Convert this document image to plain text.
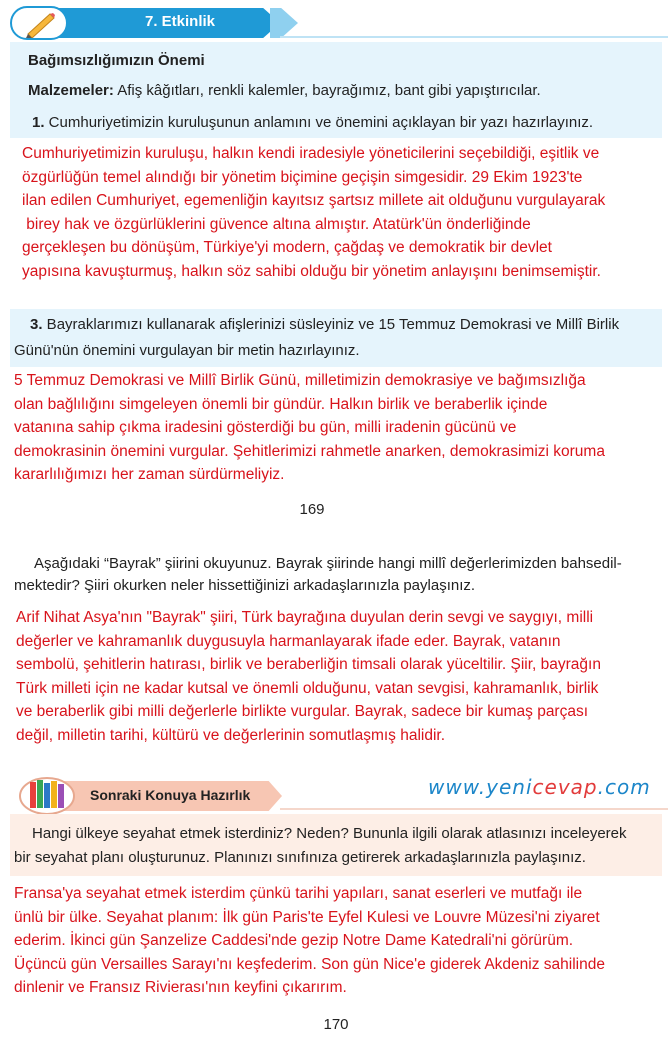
7. Etkinlik
Bağımsızlığımızın Önemi
Malzemeler: Afiş kâğıtları, renkli kalemler, bayrağımız, bant gibi yapıştırıcılar.
1. Cumhuriyetimizin kuruluşunun anlamını ve önemini açıklayan bir yazı hazırlayınız.
Cumhuriyetimizin kuruluşu, halkın kendi iradesiyle yöneticilerini seçebildiği, eşitlik ve
özgürlüğün temel alındığı bir yönetim biçimine geçişin simgesidir. 29 Ekim 1923'te
ilan edilen Cumhuriyet, egemenliğin kayıtsız şartsız millete ait olduğunu vurgulayarak
birey hak ve özgürlüklerini güvence altına almıştır. Atatürk'ün önderliğinde
gerçekleşen bu dönüşüm, Türkiye'yi modern, çağdaş ve demokratik bir devlet
yapısına kavuşturmuş, halkın söz sahibi olduğu bir yönetim anlayışını benimsemiştir.
3. Bayraklarımızı kullanarak afişlerinizi süsleyiniz ve 15 Temmuz Demokrasi ve Millî Birlik
Günü'nün önemini vurgulayan bir metin hazırlayınız.
5 Temmuz Demokrasi ve Millî Birlik Günü, milletimizin demokrasiye ve bağımsızlığa
olan bağlılığını simgeleyen önemli bir gündür. Halkın birlik ve beraberlik içinde
vatanına sahip çıkma iradesini gösterdiği bu gün, milli iradenin gücünü ve
demokrasinin önemini vurgular. Şehitlerimizi rahmetle anarken, demokrasimizi koruma
kararlılığımızı her zaman sürdürmeliyiz.
169
Aşağıdaki “Bayrak” şiirini okuyunuz. Bayrak şiirinde hangi millî değerlerimizden bahsedil-
mektedir? Şiiri okurken neler hissettiğinizi arkadaşlarınızla paylaşınız.
Arif Nihat Asya'nın "Bayrak" şiiri, Türk bayrağına duyulan derin sevgi ve saygıyı, milli
değerler ve kahramanlık duygusuyla harmanlayarak ifade eder. Bayrak, vatanın
sembolü, şehitlerin hatırası, birlik ve beraberliğin timsali olarak yüceltilir. Şiir, bayrağın
Türk milleti için ne kadar kutsal ve önemli olduğunu, vatan sevgisi, kahramanlık, birlik
ve beraberlik gibi milli değerlerle birlikte vurgular. Bayrak, sadece bir kumaş parçası
değil, milletin tarihi, kültürü ve değerlerinin somutlaşmış halidir.
Sonraki Konuya Hazırlık	www.yenicevap.com
Hangi ülkeye seyahat etmek isterdiniz? Neden? Bununla ilgili olarak atlasınızı inceleyerek
bir seyahat planı oluşturunuz. Planınızı sınıfınıza getirerek arkadaşlarınızla paylaşınız.
Fransa'ya seyahat etmek isterdim çünkü tarihi yapıları, sanat eserleri ve mutfağı ile
ünlü bir ülke. Seyahat planım: İlk gün Paris'te Eyfel Kulesi ve Louvre Müzesi'ni ziyaret
ederim. İkinci gün Şanzelize Caddesi'nde gezip Notre Dame Katedrali'ni görürüm.
Üçüncü gün Versailles Sarayı'nı keşfederim. Son gün Nice'e giderek Akdeniz sahilinde
dinlenir ve Fransız Rivierası'nın keyfini çıkarırım.
170
